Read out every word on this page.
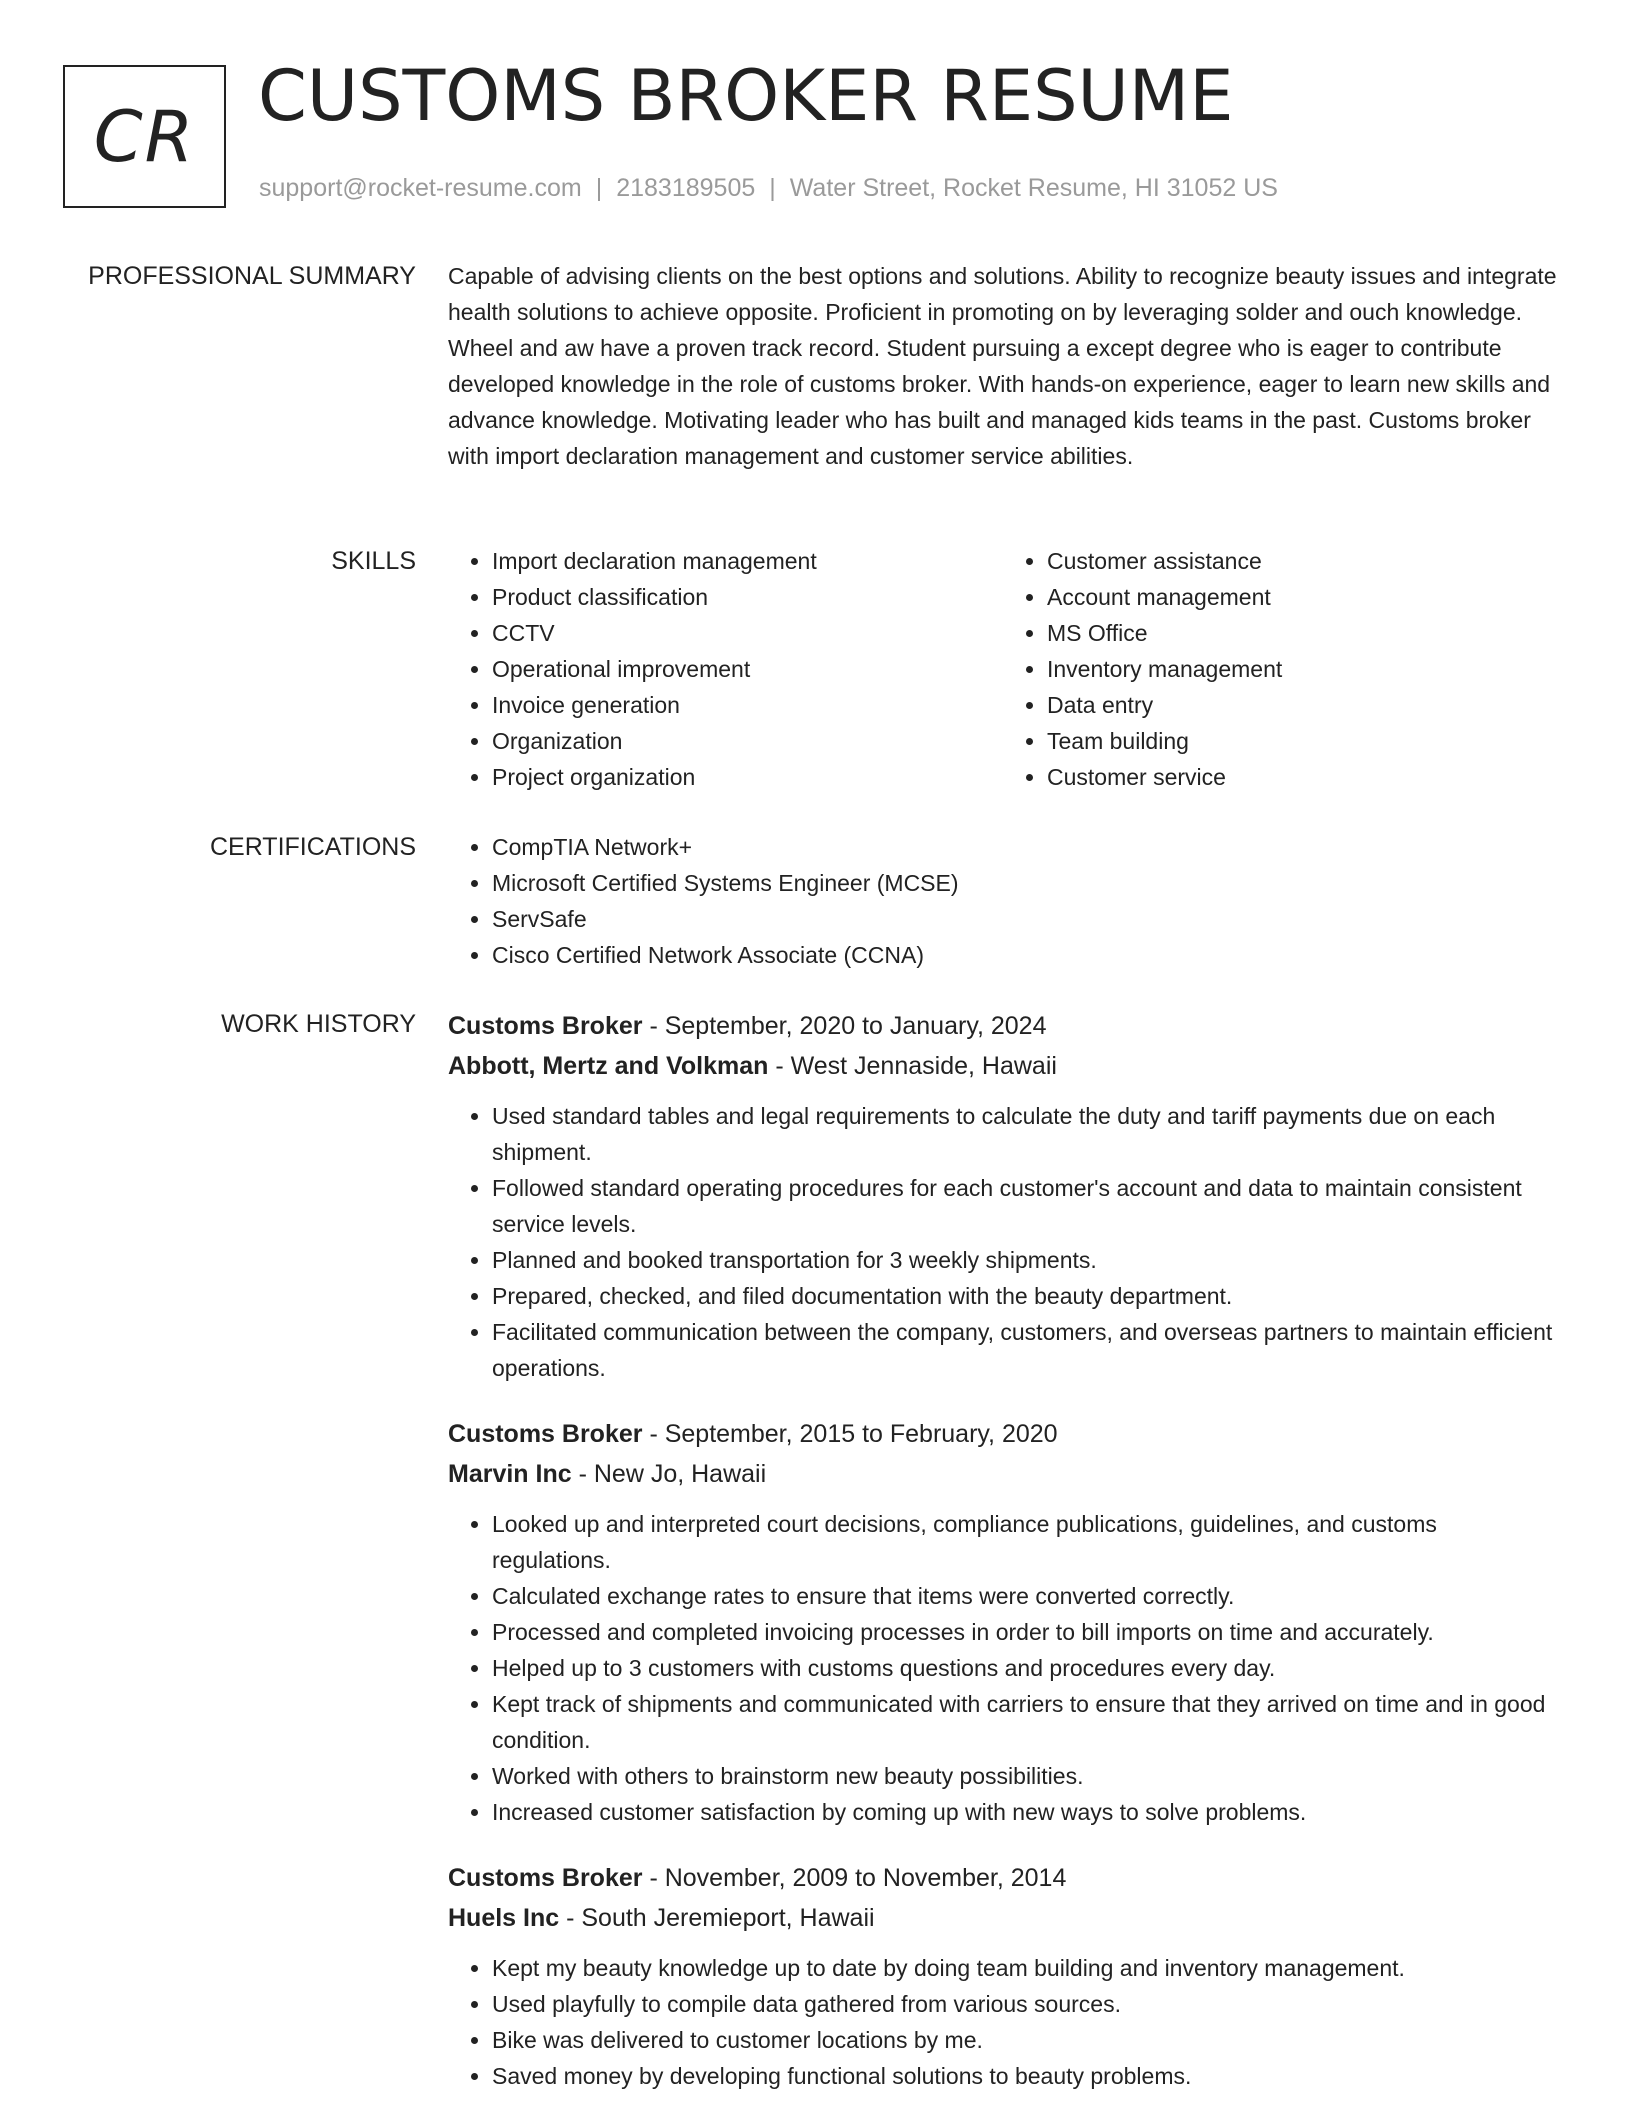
CR CUSTOMS BROKER RESUME
support@rocket-resume.com | 2183189505 | Water Street, Rocket Resume, HI 31052 US
PROFESSIONAL SUMMARY Capable of advising clients on the best options and solutions. Ability to recognize beauty issues and integrate health solutions to achieve opposite. Proficient in promoting on by leveraging solder and ouch knowledge. Wheel and aw have a proven track record. Student pursuing a except degree who is eager to contribute developed knowledge in the role of customs broker. With hands-on experience, eager to learn new skills and advance knowledge. Motivating leader who has built and managed kids teams in the past. Customs broker with import declaration management and customer service abilities.

SKILLS	• Import declaration management
• Product classification
• CCTV
• Operational improvement
• Invoice generation
• Organization
• Project organization
• Customer assistance
• Account management
• MS Office
• Inventory management
• Data entry
• Team building
• Customer service
CERTIFICATIONS	• CompTIA Network+
• Microsoft Certified Systems Engineer (MCSE)
• ServSafe
• Cisco Certified Network Associate (CCNA)
WORK HISTORY Customs Broker - September, 2020 to January, 2024
Abbott, Mertz and Volkman - West Jennaside, Hawaii
• Used standard tables and legal requirements to calculate the duty and tariff payments due on each shipment.
• Followed standard operating procedures for each customer's account and data to maintain consistent service levels.
• Planned and booked transportation for 3 weekly shipments.
• Prepared, checked, and filed documentation with the beauty department.
• Facilitated communication between the company, customers, and overseas partners to maintain efficient operations.
Customs Broker - September, 2015 to February, 2020
Marvin Inc - New Jo, Hawaii
• Looked up and interpreted court decisions, compliance publications, guidelines, and customs regulations.
• Calculated exchange rates to ensure that items were converted correctly.
• Processed and completed invoicing processes in order to bill imports on time and accurately.
• Helped up to 3 customers with customs questions and procedures every day.
• Kept track of shipments and communicated with carriers to ensure that they arrived on time and in good condition.
• Worked with others to brainstorm new beauty possibilities.
• Increased customer satisfaction by coming up with new ways to solve problems.
Customs Broker - November, 2009 to November, 2014
Huels Inc - South Jeremieport, Hawaii
• Kept my beauty knowledge up to date by doing team building and inventory management.
• Used playfully to compile data gathered from various sources.
• Bike was delivered to customer locations by me.
• Saved money by developing functional solutions to beauty problems.
